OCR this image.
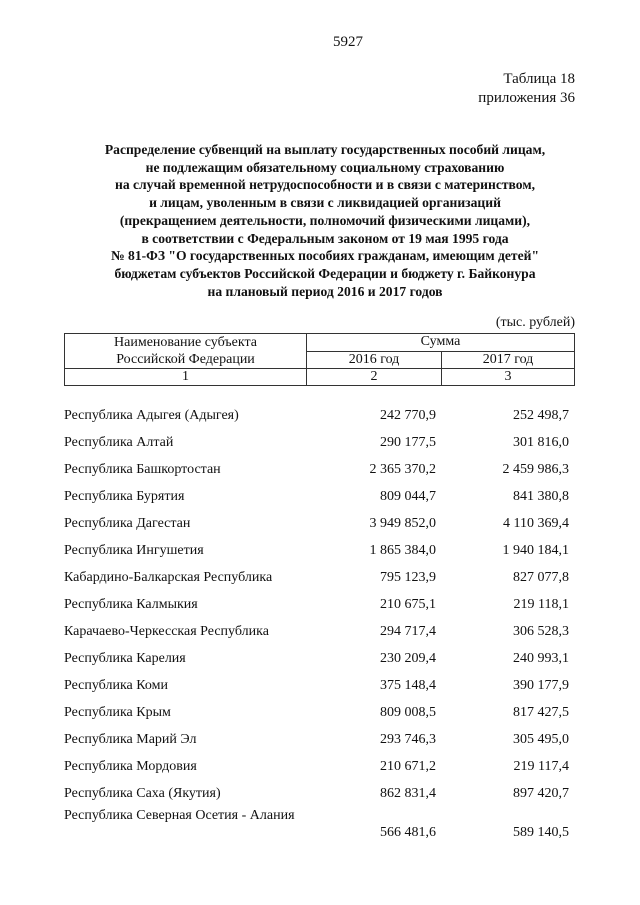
5927
Таблица 18
приложения 36
Распределение субвенций на выплату государственных пособий лицам,
не подлежащим обязательному социальному страхованию
на случай временной нетрудоспособности и в связи с материнством,
и лицам, уволенным в связи с ликвидацией организаций
(прекращением деятельности, полномочий физическими лицами),
в соответствии с Федеральным законом от 19 мая 1995 года
№ 81-ФЗ "О государственных пособиях гражданам, имеющим детей"
бюджетам субъектов Российской Федерации и бюджету г. Байконура
на плановый период 2016 и 2017 годов
(тыс. рублей)
Наименование субъекта
Российской Федерации	Сумма	
	2016 год	2017 год
1	2	3
Республика Адыгея (Адыгея)	242 770,9	252 498,7
Республика Алтай	290 177,5	301 816,0
Республика Башкортостан	2 365 370,2	2 459 986,3
Республика Бурятия	809 044,7	841 380,8
Республика Дагестан	3 949 852,0	4 110 369,4
Республика Ингушетия	1 865 384,0	1 940 184,1
Кабардино-Балкарская Республика	795 123,9	827 077,8
Республика Калмыкия	210 675,1	219 118,1
Карачаево-Черкесская Республика	294 717,4	306 528,3
Республика Карелия	230 209,4	240 993,1
Республика Коми	375 148,4	390 177,9
Республика Крым	809 008,5	817 427,5
Республика Марий Эл	293 746,3	305 495,0
Республика Мордовия	210 671,2	219 117,4
Республика Саха (Якутия)	862 831,4	897 420,7
Республика Северная Осетия - Алания
566 481,6	589 140,5
